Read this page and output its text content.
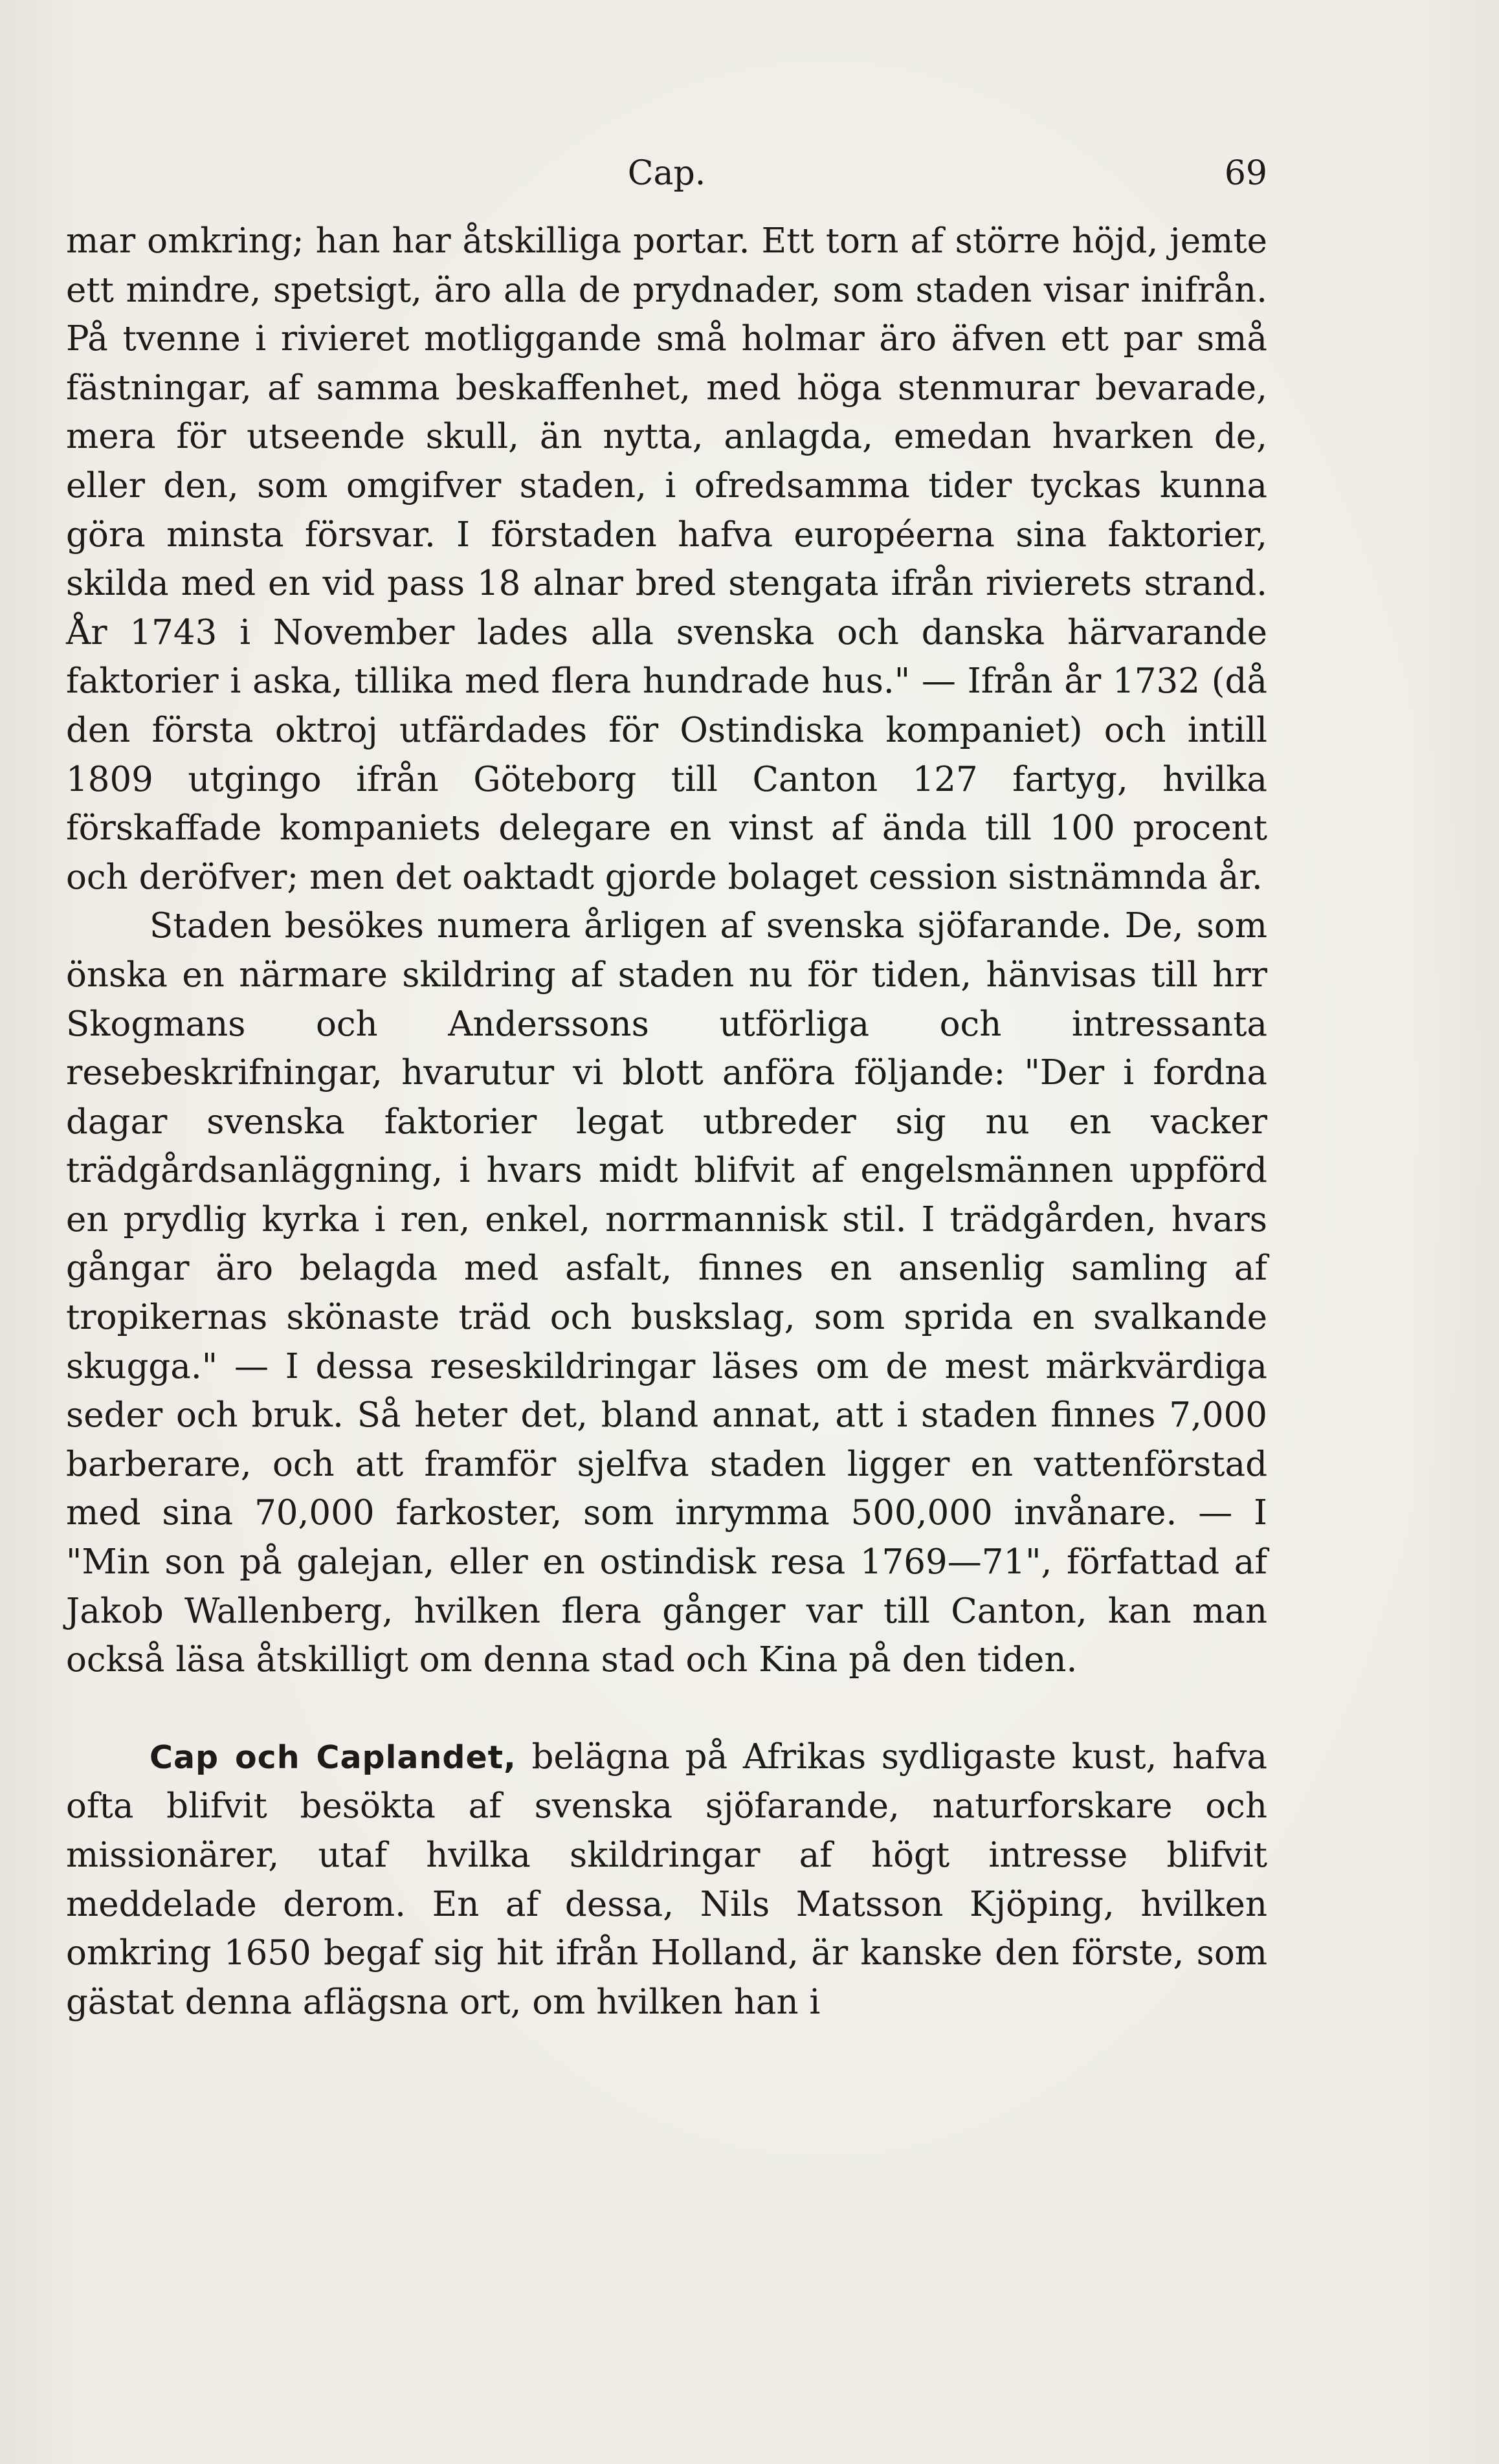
Cap.	69

mar omkring; han har åtskilliga portar. Ett torn af större höjd, jemte ett mindre, spetsigt, äro alla de prydnader, som staden visar inifrån. På tvenne i rivieret motliggande små holmar äro äfven ett par små fästningar, af samma beskaffenhet, med höga stenmurar bevarade, mera för utseende skull, än nytta, anlagda, emedan hvarken de, eller den, som omgifver staden, i ofredsamma tider tyckas kunna göra minsta försvar. I förstaden hafva européerna sina faktorier, skilda med en vid pass 18 alnar bred stengata ifrån rivierets strand. År 1743 i November lades alla svenska och danska härvarande faktorier i aska, tillika med flera hundrade hus." — Ifrån år 1732 (då den första oktroj utfärdades för Ostindiska kompaniet) och intill 1809 utgingo ifrån Göteborg till Canton 127 fartyg, hvilka förskaffade kompaniets delegare en vinst af ända till 100 procent och deröfver; men det oaktadt gjorde bolaget cession sistnämnda år.

Staden besökes numera årligen af svenska sjöfarande. De, som önska en närmare skildring af staden nu för tiden, hänvisas till hrr Skogmans och Anderssons utförliga och intressanta resebeskrifningar, hvarutur vi blott anföra följande: "Der i fordna dagar svenska faktorier legat utbreder sig nu en vacker trädgårdsanläggning, i hvars midt blifvit af engelsmännen uppförd en prydlig kyrka i ren, enkel, norrmannisk stil. I trädgården, hvars gångar äro belagda med asfalt, finnes en ansenlig samling af tropikernas skönaste träd och buskslag, som sprida en svalkande skugga." — I dessa reseskildringar läses om de mest märkvärdiga seder och bruk. Så heter det, bland annat, att i staden finnes 7,000 barberare, och att framför sjelfva staden ligger en vattenförstad med sina 70,000 farkoster, som inrymma 500,000 invånare. — I "Min son på galejan, eller en ostindisk resa 1769—71", författad af Jakob Wallenberg, hvilken flera gånger var till Canton, kan man också läsa åtskilligt om denna stad och Kina på den tiden.

Cap och Caplandet, belägna på Afrikas sydligaste kust, hafva ofta blifvit besökta af svenska sjöfarande, naturforskare och missionärer, utaf hvilka skildringar af högt intresse blifvit meddelade derom. En af dessa, Nils Matsson Kjöping, hvilken omkring 1650 begaf sig hit ifrån Holland, är kanske den förste, som gästat denna aflägsna ort, om hvilken han i
